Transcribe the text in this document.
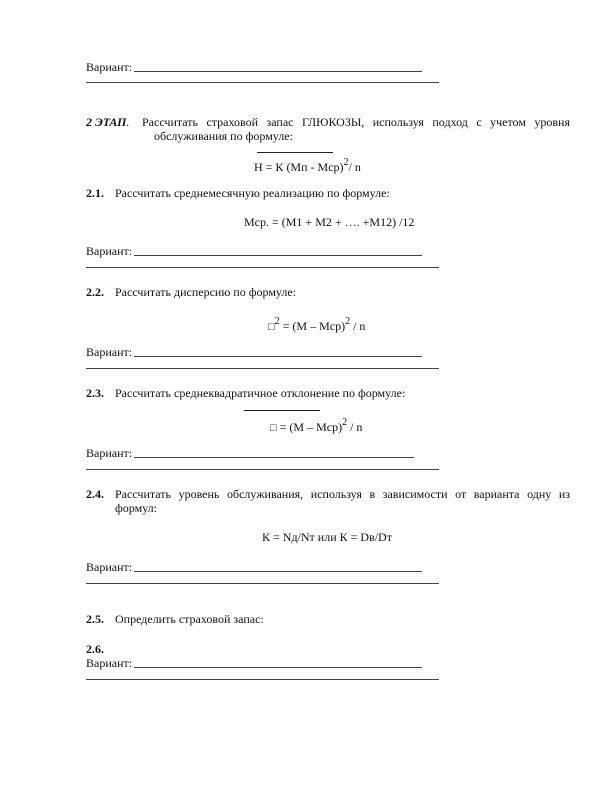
Вариант:
2 ЭТАП. Рассчитать страховой запас ГЛЮКОЗЫ, используя подход с учетом уровня
обслуживания по формуле:
Н = К (Мп - Мср)$^2$/ n
2.1. Рассчитать среднемесячную реализацию по формуле:
Мср. = (М1 + М2 + …. +М12) /12
Вариант:
2.2. Рассчитать дисперсию по формуле:
□$^2$ = (М – Мср)$^2$ / n
Вариант:
2.3. Рассчитать среднеквадратичное отклонение по формуле:
□ = (М – Мср)$^2$ / n
Вариант:
2.4. Рассчитать уровень обслуживания, используя в зависимости от варианта одну из
формул:
К = Nд/Nт или К = Dв/Dт
Вариант:
2.5. Определить страховой запас:
2.6.
Вариант:
